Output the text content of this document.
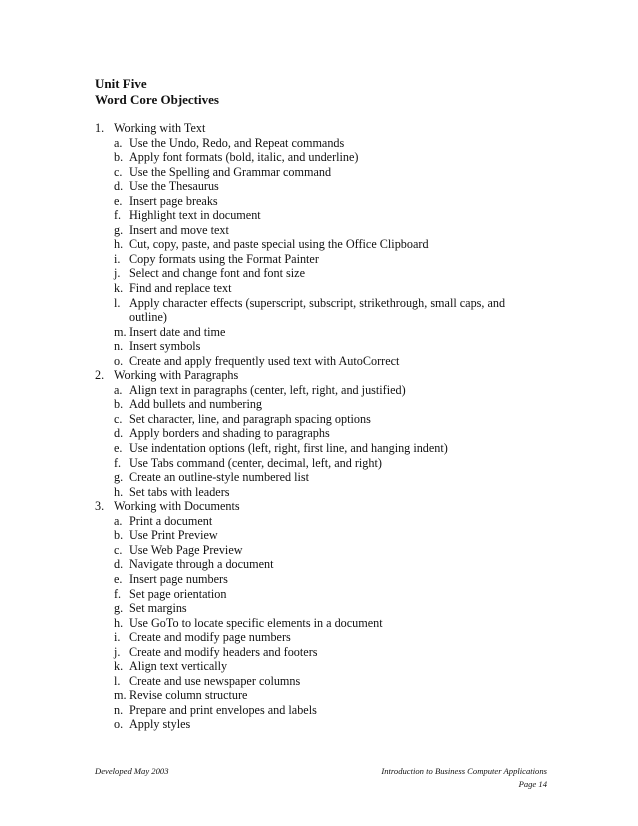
Unit Five
Word Core Objectives
1. Working with Text
a. Use the Undo, Redo, and Repeat commands
b. Apply font formats (bold, italic, and underline)
c. Use the Spelling and Grammar command
d. Use the Thesaurus
e. Insert page breaks
f. Highlight text in document
g. Insert and move text
h. Cut, copy, paste, and paste special using the Office Clipboard
i. Copy formats using the Format Painter
j. Select and change font and font size
k. Find and replace text
l. Apply character effects (superscript, subscript, strikethrough, small caps, and outline)
m. Insert date and time
n. Insert symbols
o. Create and apply frequently used text with AutoCorrect
2. Working with Paragraphs
a. Align text in paragraphs (center, left, right, and justified)
b. Add bullets and numbering
c. Set character, line, and paragraph spacing options
d. Apply borders and shading to paragraphs
e. Use indentation options (left, right, first line, and hanging indent)
f. Use Tabs command (center, decimal, left, and right)
g. Create an outline-style numbered list
h. Set tabs with leaders
3. Working with Documents
a. Print a document
b. Use Print Preview
c. Use Web Page Preview
d. Navigate through a document
e. Insert page numbers
f. Set page orientation
g. Set margins
h. Use GoTo to locate specific elements in a document
i. Create and modify page numbers
j. Create and modify headers and footers
k. Align text vertically
l. Create and use newspaper columns
m. Revise column structure
n. Prepare and print envelopes and labels
o. Apply styles
Developed May 2003	Introduction to Business Computer Applications
Page 14
